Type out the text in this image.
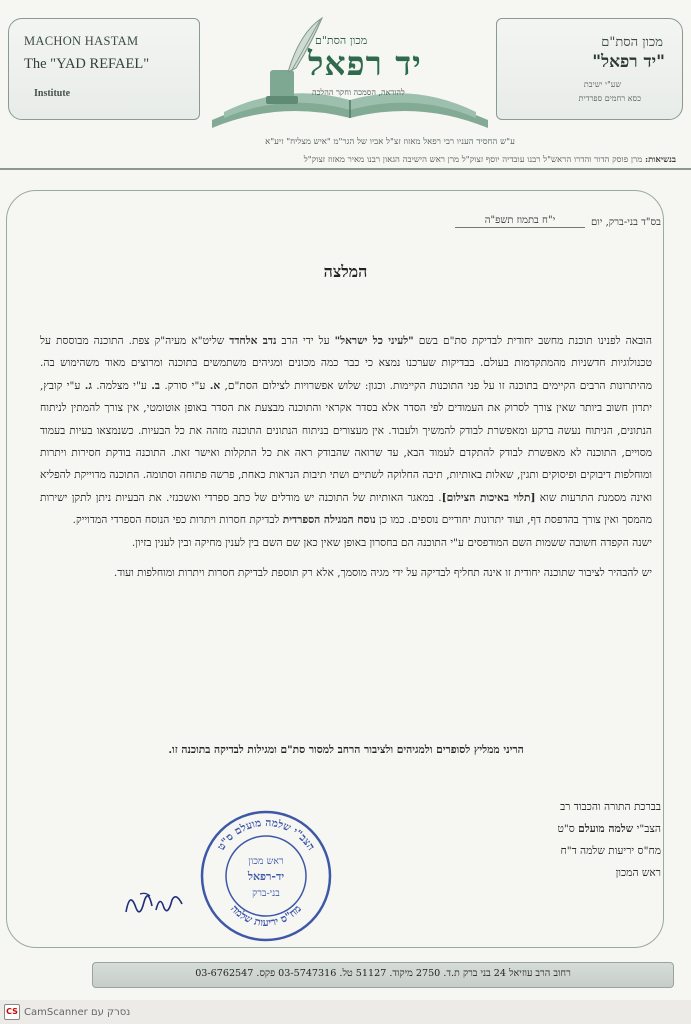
MACHON HASTAM
The "YAD REFAEL"
Institute
מכון הסת"ם
"יד רפאל"
שע"י ישיבת
כסא רחמים ספרדית
מכון הסת"ם
יד רפאל
להוראה, הסמכה וחקר ההלכה
ע"ש החסיד העניו רבי רפאל מאזוז זצ"ל אביו של הגר"מ "איש מצליח" זיע"א
בנשיאות: מרן פוסק הדור והדרו הראש"ל רבנו עובדיה יוסף זצוק"ל מרן ראש הישיבה הגאון רבנו מאיר מאזוז זצוק"ל
בס"ד בני-ברק, יום
י"ח בתמוז תשפ"ה
המלצה

הובאה לפנינו תוכנת מחשב יחודית לבדיקת סת"ם בשם "לעיני כל ישראל" על ידי הרב נדב אלחדד שליט"א מעיה"ק צפת. התוכנה מבוססת על טכנולוגיות חדשניות מהמתקדמות בעולם. בבדיקות שערכנו נמצא כי כבר כמה מכונים ומגיהים משתמשים בתוכנה ומרוצים מאוד משהימוש בה. מהיתרונות הרבים הקיימים בתוכנה זו על פני התוכנות הקיימות. וכגון: שלוש אפשרויות לצילום הסת"ם, א. ע"י סורק. ב. ע"י מצלמה. ג. ע"י קובץ, יתרון חשוב ביותר שאין צורך לסרוק את העמודים לפי הסדר אלא בסדר אקראי והתוכנה מבצעת את הסדר באופן אוטומטי, אין צורך להמתין לניתוח הנתונים, הניתוח נעשה ברקע ומאפשרת לבודק להמשיך ולעבוד. אין מעצורים בניתוח הנתונים התוכנה מזהה את כל הבעיות. כשנמצאו בעיות בעמוד מסויים, התוכנה לא מאפשרת לבודק להתקדם לעמוד הבא, עד שרואה שהבודק ראה את כל התקלות ואישר זאת. התוכנה בודקת חסירות ויתרות ומוחלפות דיבוקים ופיסוקים ותגין, שאלות באותיות, תיבה החלוקה לשתיים ושתי תיבות הנראות כאחת, פרשה פתוחה וסתומה. התוכנה מדוייקת להפליא ואינה מסמנת התרעות שוא [תלוי באיכות הצילום]. במאגר האותיות של התוכנה יש מודלים של כתב ספרדי ואשכנזי. את הבעיות ניתן לתקן ישירות מהמסך ואין צורך בהדפסת דף, ועוד יתרונות יחודיים נוספים. כמו כן נוסח המגילה הספרדית לבדיקת חסרות ויתרות כפי הנוסח הספרדי המדוייק.

ישנה הקפדה חשובה ששמות השם המודפסים ע"י התוכנה הם בחסרון באופן שאין כאן שם השם בין לענין מחיקה ובין לענין בזיון.

יש להבהיר לציבור שתוכנה יחודית זו אינה תחליף לבדיקה על ידי מגיה מוסמך, אלא רק תוספת לבדיקת חסרות ויתרות ומוחלפות ועוד.

הריני ממליץ לסופרים ולמגיהים ולציבור הרחב למסור סת"ם ומגילות לבדיקה בתוכנה זו.
בברכת התורה והכבוד רב
הצב"י שלמה מועלם ס"ט
מח"ס יריעות שלמה ד"ח
ראש המכון
הצב"י שלמה מועלם ס"ט
מח"ס יריעות שלמה
ראש מכון
יד-רפאל
בני-ברק
רחוב הרב עוזיאל 24 בני ברק ת.ד. 2750 מיקוד. 51127 טל. 03-5747316 פקס. 03-6762547
CS נסרק עם CamScanner
